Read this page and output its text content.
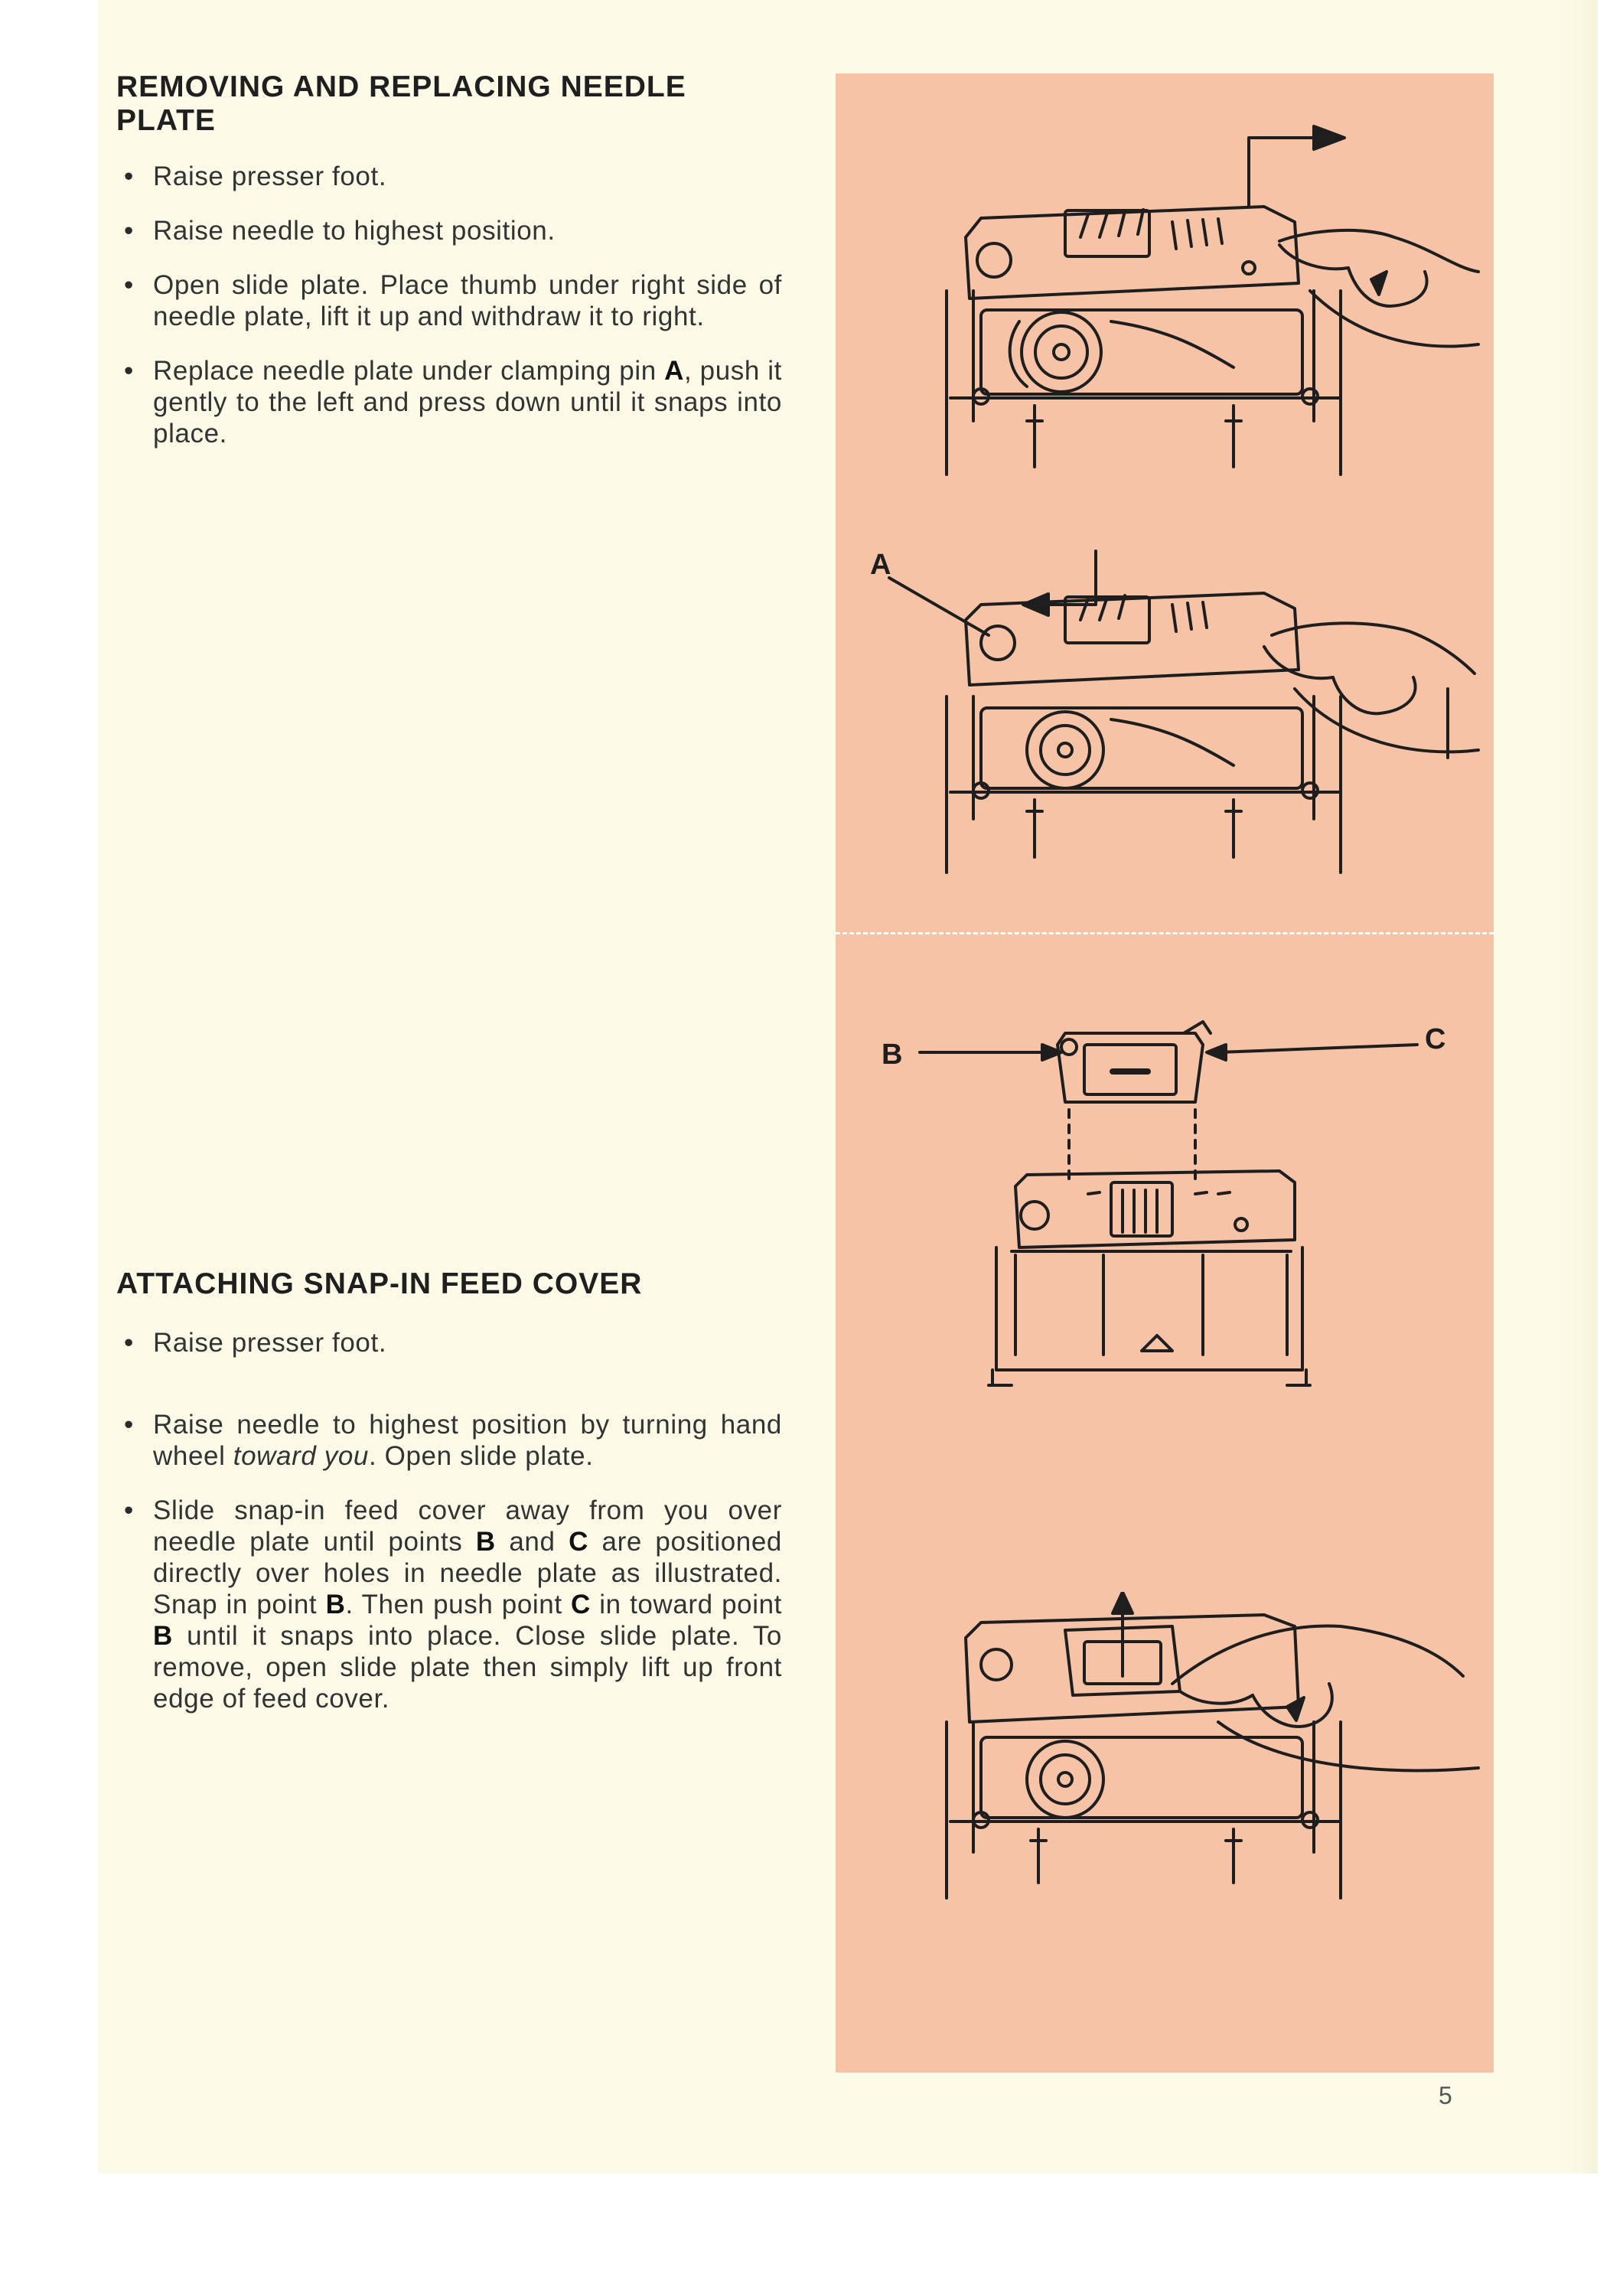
REMOVING AND REPLACING NEEDLE
PLATE
• Raise presser foot.
• Raise needle to highest position.
• Open slide plate. Place thumb under right side of needle plate, lift it up and withdraw it to right.
• Replace needle plate under clamping pin A, push it gently to the left and press down until it snaps into place.
ATTACHING SNAP-IN FEED COVER
• Raise presser foot.
• Raise needle to highest position by turning hand wheel toward you. Open slide plate.
• Slide snap-in feed cover away from you over needle plate until points B and C are positioned directly over holes in needle plate as illustrated. Snap in point B. Then push point C in toward point B until it snaps into place. Close slide plate. To remove, open slide plate then simply lift up front edge of feed cover.
A
B	C
5
